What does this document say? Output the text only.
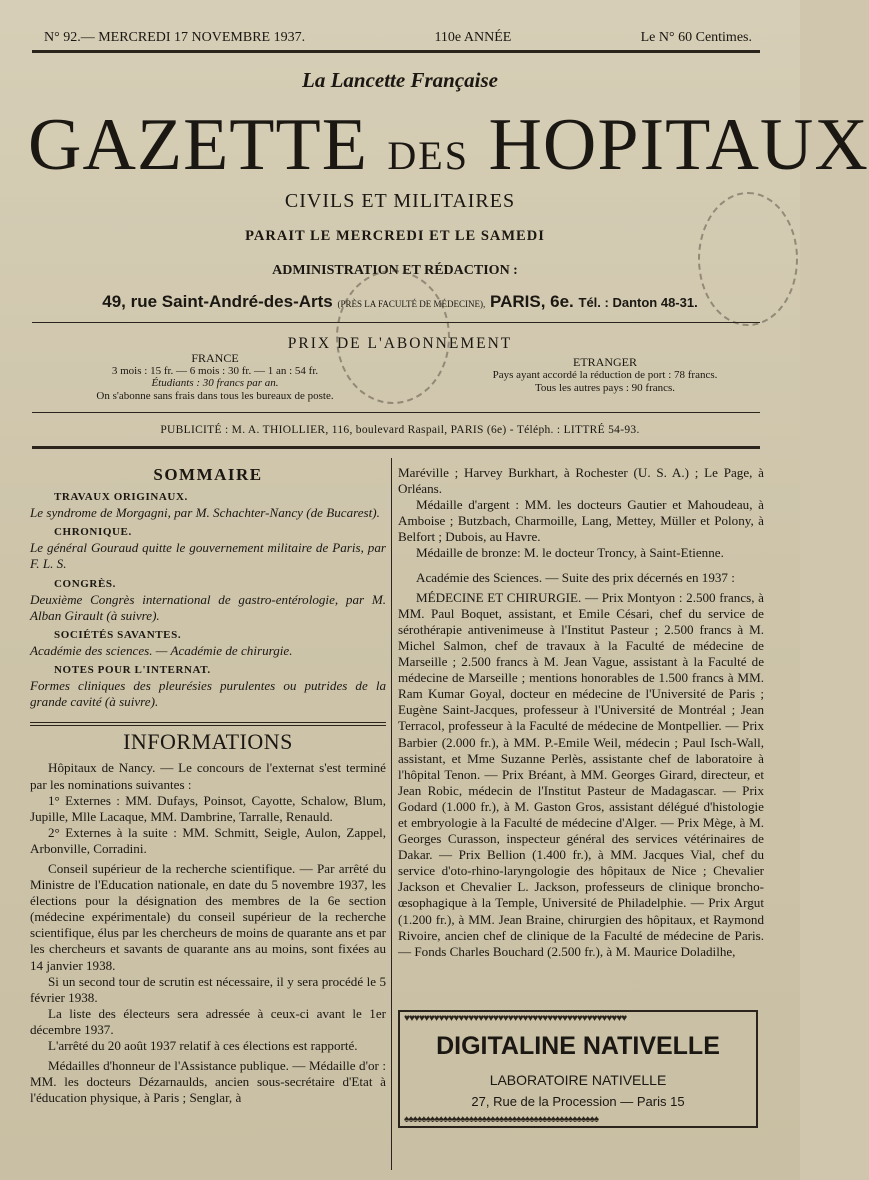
N° 92.— MERCREDI 17 NOVEMBRE 1937.	110e ANNÉE	Le N° 60 Centimes.
La Lancette Française
GAZETTE DES HOPITAUX
CIVILS ET MILITAIRES
PARAIT LE MERCREDI ET LE SAMEDI
ADMINISTRATION ET RÉDACTION :
49, rue Saint-André-des-Arts (PRÈS LA FACULTÉ DE MÉDECINE), PARIS, 6e. Tél. : Danton 48-31.
PRIX DE L'ABONNEMENT
FRANCE
3 mois : 15 fr. — 6 mois : 30 fr. — 1 an : 54 fr.
Étudiants : 30 francs par an.
On s'abonne sans frais dans tous les bureaux de poste.
ETRANGER
Pays ayant accordé la réduction de port : 78 francs.
Tous les autres pays : 90 francs.
PUBLICITÉ : M. A. THIOLLIER, 116, boulevard Raspail, PARIS (6e) - Téléph. : LITTRÉ 54-93.
SOMMAIRE
TRAVAUX ORIGINAUX.
Le syndrome de Morgagni, par M. Schachter-Nancy (de Bucarest).
CHRONIQUE.
Le général Gouraud quitte le gouvernement militaire de Paris, par F. L. S.
CONGRÈS.
Deuxième Congrès international de gastro-entérologie, par M. Alban Girault (à suivre).
SOCIÉTÉS SAVANTES.
Académie des sciences. — Académie de chirurgie.
NOTES POUR L'INTERNAT.
Formes cliniques des pleurésies purulentes ou putrides de la grande cavité (à suivre).
INFORMATIONS

Hôpitaux de Nancy. — Le concours de l'externat s'est terminé par les nominations suivantes :

1° Externes : MM. Dufays, Poinsot, Cayotte, Schalow, Blum, Jupille, Mlle Lacaque, MM. Dambrine, Tarralle, Renauld.

2° Externes à la suite : MM. Schmitt, Seigle, Aulon, Zappel, Arbonville, Corradini.

Conseil supérieur de la recherche scientifique. — Par arrêté du Ministre de l'Education nationale, en date du 5 novembre 1937, les élections pour la désignation des membres de la 6e section (médecine expérimentale) du conseil supérieur de la recherche scientifique, élus par les chercheurs de moins de quarante ans et par les chercheurs et savants de quarante ans au moins, sont fixées au 14 janvier 1938.

Si un second tour de scrutin est nécessaire, il y sera procédé le 5 février 1938.

La liste des électeurs sera adressée à ceux-ci avant le 1er décembre 1937.

L'arrêté du 20 août 1937 relatif à ces élections est rapporté.

Médailles d'honneur de l'Assistance publique. — Médaille d'or : MM. les docteurs Dézarnaulds, ancien sous-secrétaire d'Etat à l'éducation physique, à Paris ; Senglar, à

Maréville ; Harvey Burkhart, à Rochester (U. S. A.) ; Le Page, à Orléans.

Médaille d'argent : MM. les docteurs Gautier et Mahoudeau, à Amboise ; Butzbach, Charmoille, Lang, Mettey, Müller et Polony, à Belfort ; Dubois, au Havre.

Médaille de bronze: M. le docteur Troncy, à Saint-Etienne.

Académie des Sciences. — Suite des prix décernés en 1937 :

MÉDECINE ET CHIRURGIE. — Prix Montyon : 2.500 francs, à MM. Paul Boquet, assistant, et Emile Césari, chef du service de sérothérapie antivenimeuse à l'Institut Pasteur ; 2.500 francs à M. Michel Salmon, chef de travaux à la Faculté de médecine de Marseille ; 2.500 francs à M. Jean Vague, assistant à la Faculté de médecine de Marseille ; mentions honorables de 1.500 francs à MM. Ram Kumar Goyal, docteur en médecine de l'Université de Paris ; Eugène Saint-Jacques, professeur à l'Université de Montréal ; Jean Terracol, professeur à la Faculté de médecine de Montpellier. — Prix Barbier (2.000 fr.), à MM. P.-Emile Weil, médecin ; Paul Isch-Wall, assistant, et Mme Suzanne Perlès, assistante chef de laboratoire à l'hôpital Tenon. — Prix Bréant, à MM. Georges Girard, directeur, et Jean Robic, médecin de l'Institut Pasteur de Madagascar. — Prix Godard (1.000 fr.), à M. Gaston Gros, assistant délégué d'histologie et embryologie à la Faculté de médecine d'Alger. — Prix Mège, à M. Georges Curasson, inspecteur général des services vétérinaires de Dakar. — Prix Bellion (1.400 fr.), à MM. Jacques Vial, chef du service d'oto-rhino-laryngologie des hôpitaux de Nice ; Chevalier Jackson et Chevalier L. Jackson, professeurs de clinique broncho-œsophagique à la Temple, Université de Philadelphie. — Prix Argut (1.200 fr.), à MM. Jean Braine, chirurgien des hôpitaux, et Raymond Rivoire, ancien chef de clinique de la Faculté de médecine de Paris. — Fonds Charles Bouchard (2.500 fr.), à M. Maurice Doladilhe,

♥♥♥♥♥♥♥♥♥♥♥♥♥♥♥♥♥♥♥♥♥♥♥♥♥♥♥♥♥♥♥♥♥♥♥♥♥♥♥♥♥♥♥♥♥
DIGITALINE NATIVELLE
LABORATOIRE NATIVELLE
27, Rue de la Procession — Paris 15
♠♠♠♠♠♠♠♠♠♠♠♠♠♠♠♠♠♠♠♠♠♠♠♠♠♠♠♠♠♠♠♠♠♠♠♠♠♠♠♠♠♠♠♠♠
